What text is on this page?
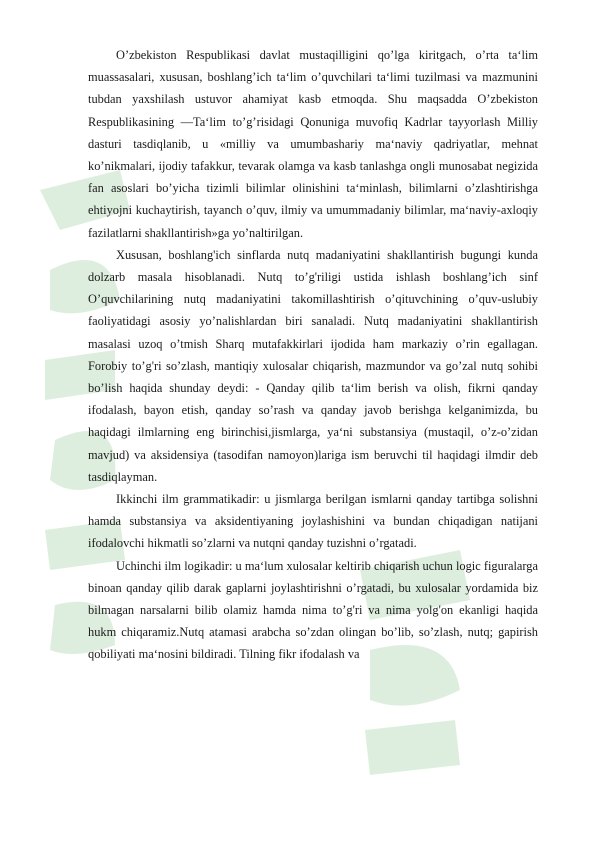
O’zbekiston Respublikasi davlat mustaqilligini qo’lga kiritgach, o’rta ta‘lim muassasalari, xususan, boshlang’ich ta‘lim o’quvchilari ta‘limi tuzilmasi va mazmunini tubdan yaxshilash ustuvor ahamiyat kasb etmoqda. Shu maqsadda O’zbekiston Respublikasining —Ta‘lim to’g’risidagi Qonuniga muvofiq Kadrlar tayyorlash Milliy dasturi tasdiqlanib, u «milliy va umumbashariy ma‘naviy qadriyatlar, mehnat ko’nikmalari, ijodiy tafakkur, tevarak olamga va kasb tanlashga ongli munosabat negizida fan asoslari bo’yicha tizimli bilimlar olinishini ta‘minlash, bilimlarni o’zlashtirishga ehtiyojni kuchaytirish, tayanch o’quv, ilmiy va umummadaniy bilimlar, ma‘naviy-axloqiy fazilatlarni shakllantirish»ga yo’naltirilgan.

Xususan, boshlang'ich sinflarda nutq madaniyatini shakllantirish bugungi kunda dolzarb masala hisoblanadi. Nutq to’g'riligi ustida ishlash boshlang’ich sinf O’quvchilarining nutq madaniyatini takomillashtirish o’qituvchining o’quv-uslubiy faoliyatidagi asosiy yo’nalishlardan biri sanaladi. Nutq madaniyatini shakllantirish masalasi uzoq o’tmish Sharq mutafakkirlari ijodida ham markaziy o’rin egallagan. Forobiy to’g'ri so’zlash, mantiqiy xulosalar chiqarish, mazmundor va go’zal nutq sohibi bo’lish haqida shunday deydi: - Qanday qilib ta‘lim berish va olish, fikrni qanday ifodalash, bayon etish, qanday so’rash va qanday javob berishga kelganimizda, bu haqidagi ilmlarning eng birinchisi,jismlarga, ya‘ni substansiya (mustaqil, o’z-o’zidan mavjud) va aksidensiya (tasodifan namoyon)lariga ism beruvchi til haqidagi ilmdir deb tasdiqlayman.

Ikkinchi ilm grammatikadir: u jismlarga berilgan ismlarni qanday tartibga solishni hamda substansiya va aksidentiyaning joylashishini va bundan chiqadigan natijani ifodalovchi hikmatli so’zlarni va nutqni qanday tuzishni o’rgatadi.

Uchinchi ilm logikadir: u ma‘lum xulosalar keltirib chiqarish uchun logic figuralarga binoan qanday qilib darak gaplarni joylashtirishni o’rgatadi, bu xulosalar yordamida biz bilmagan narsalarni bilib olamiz hamda nima to’g'ri va nima yolg'on ekanligi haqida hukm chiqaramiz.Nutq atamasi arabcha so’zdan olingan bo’lib, so’zlash, nutq; gapirish qobiliyati ma‘nosini bildiradi. Tilning fikr ifodalash va
